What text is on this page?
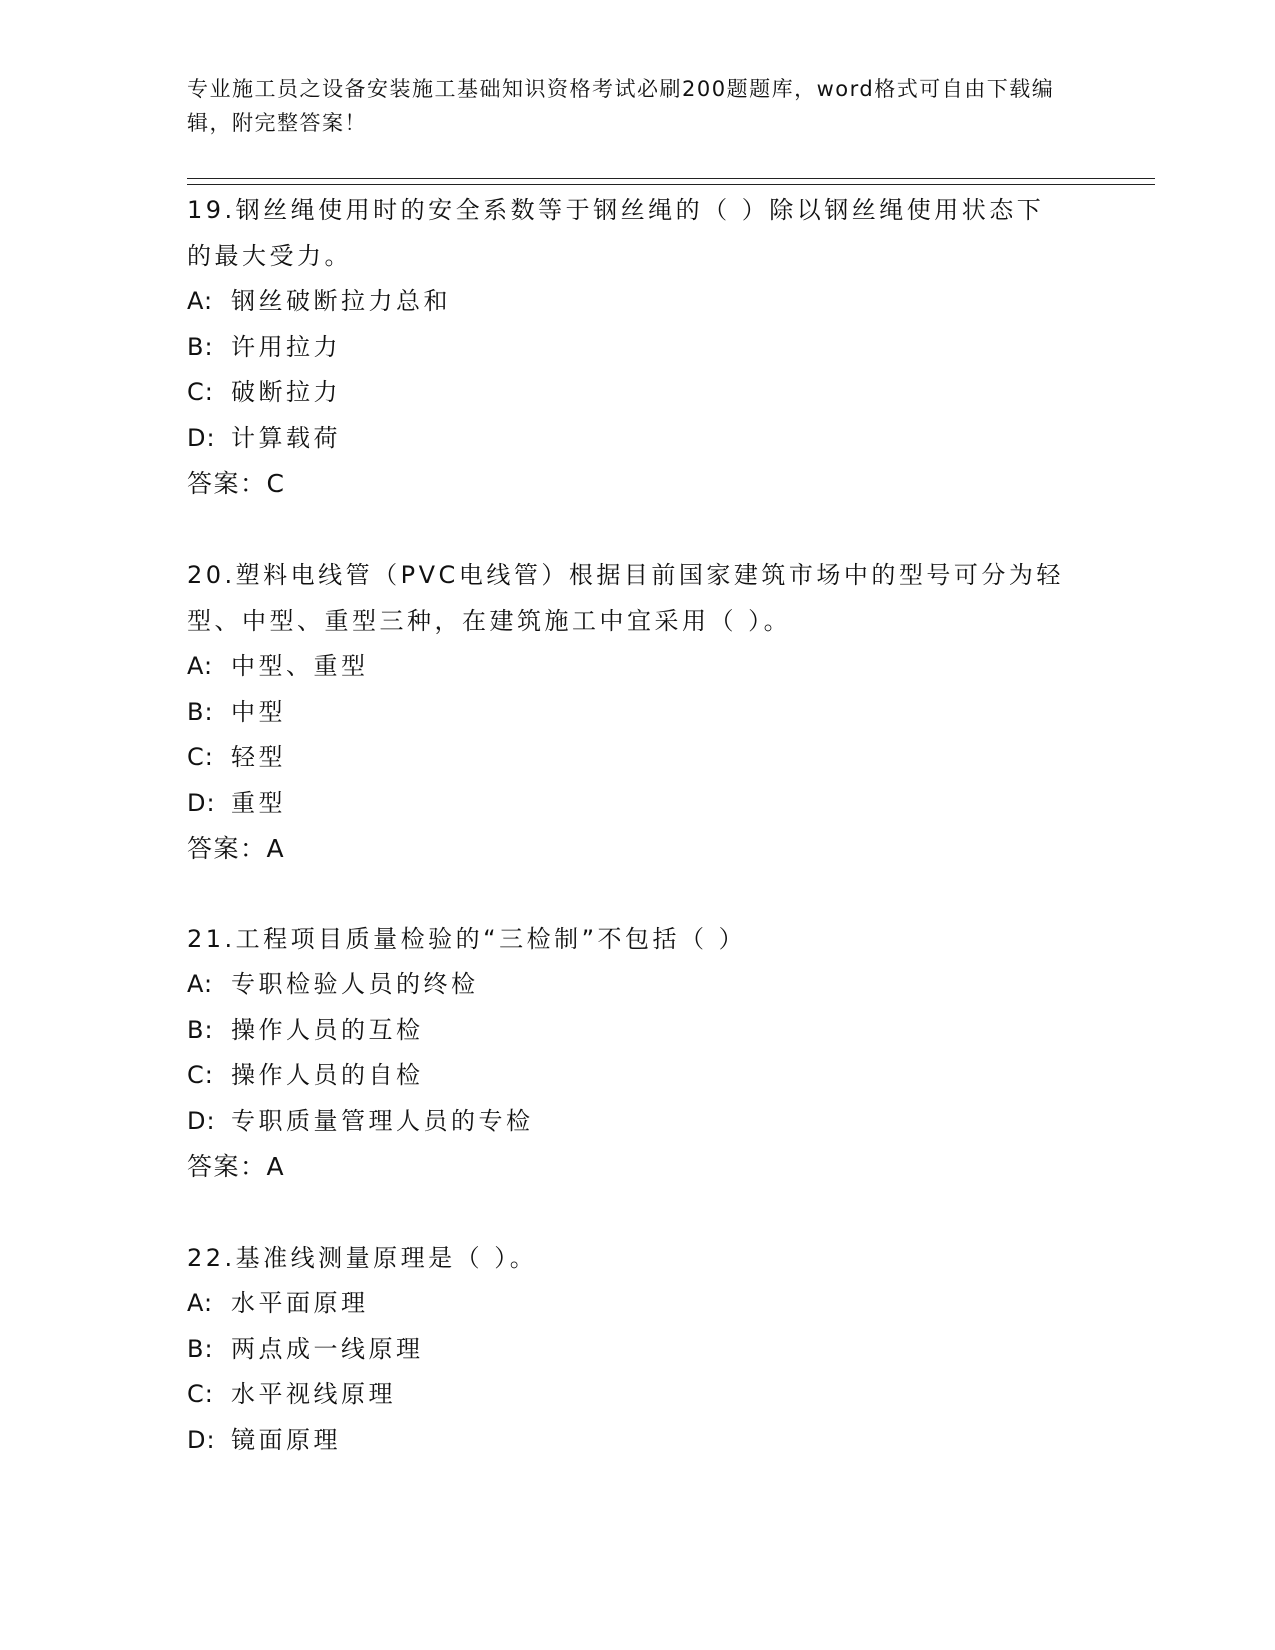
专业施工员之设备安装施工基础知识资格考试必刷200题题库，word格式可自由下载编辑，附完整答案！

19.钢丝绳使用时的安全系数等于钢丝绳的（ ）除以钢丝绳使用状态下的最大受力。

A: 钢丝破断拉力总和

B: 许用拉力

C: 破断拉力

D: 计算载荷

答案：C

20.塑料电线管（PVC电线管）根据目前国家建筑市场中的型号可分为轻型、中型、重型三种，在建筑施工中宜采用（ ）。

A: 中型、重型

B: 中型

C: 轻型

D: 重型

答案：A

21.工程项目质量检验的“三检制”不包括（ ）

A: 专职检验人员的终检

B: 操作人员的互检

C: 操作人员的自检

D: 专职质量管理人员的专检

答案：A

22.基准线测量原理是（ ）。

A: 水平面原理

B: 两点成一线原理

C: 水平视线原理

D: 镜面原理
